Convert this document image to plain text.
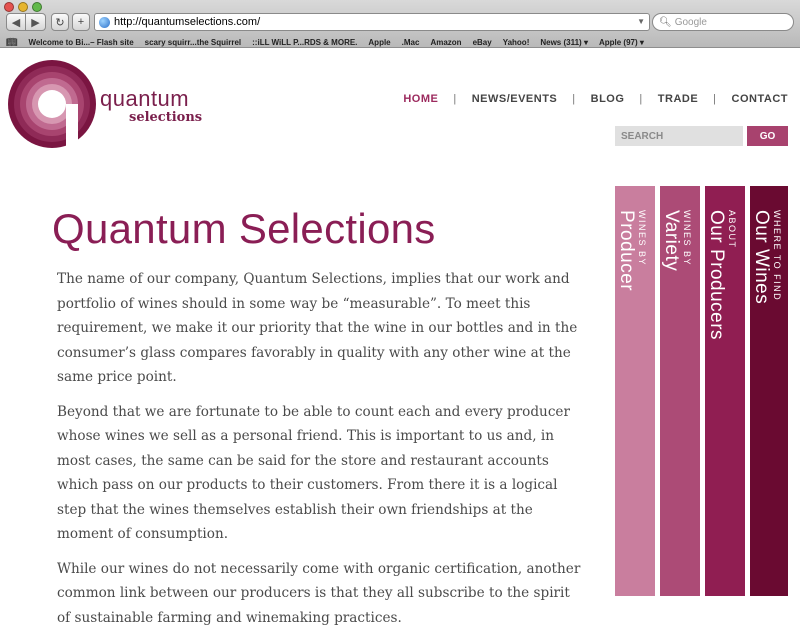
◀ ▶ ↻ +	http://quantumselections.com/	▼ 🔍︎ Google
📖︎ Welcome to Bi...– Flash site scary squirr...the Squirrel ::iLL WiLL P...RDS & MORE. Apple .Mac Amazon eBay Yahoo! News (311) ▾ Apple (97) ▾
quantum
selections
HOME | NEWS/EVENTS | BLOG | TRADE | CONTACT
SEARCH
GO
Quantum Selections

The name of our company, Quantum Selections, implies that our work and portfolio of wines should in some way be “measurable”. To meet this requirement, we make it our priority that the wine in our bottles and in the consumer’s glass compares favorably in quality with any other wine at the same price point.

Beyond that we are fortunate to be able to count each and every producer whose wines we sell as a personal friend. This is important to us and, in most cases, the same can be said for the store and restaurant accounts which pass on our products to their customers. From there it is a logical step that the wines themselves establish their own friendships at the moment of consumption.

While our wines do not necessarily come with organic certification, another common link between our producers is that they all subscribe to the spirit of sustainable farming and winemaking practices.

WINES BY
Producer	WINES BY
Variety	ABOUT
Our Producers	WHERE TO FIND
Our Wines
